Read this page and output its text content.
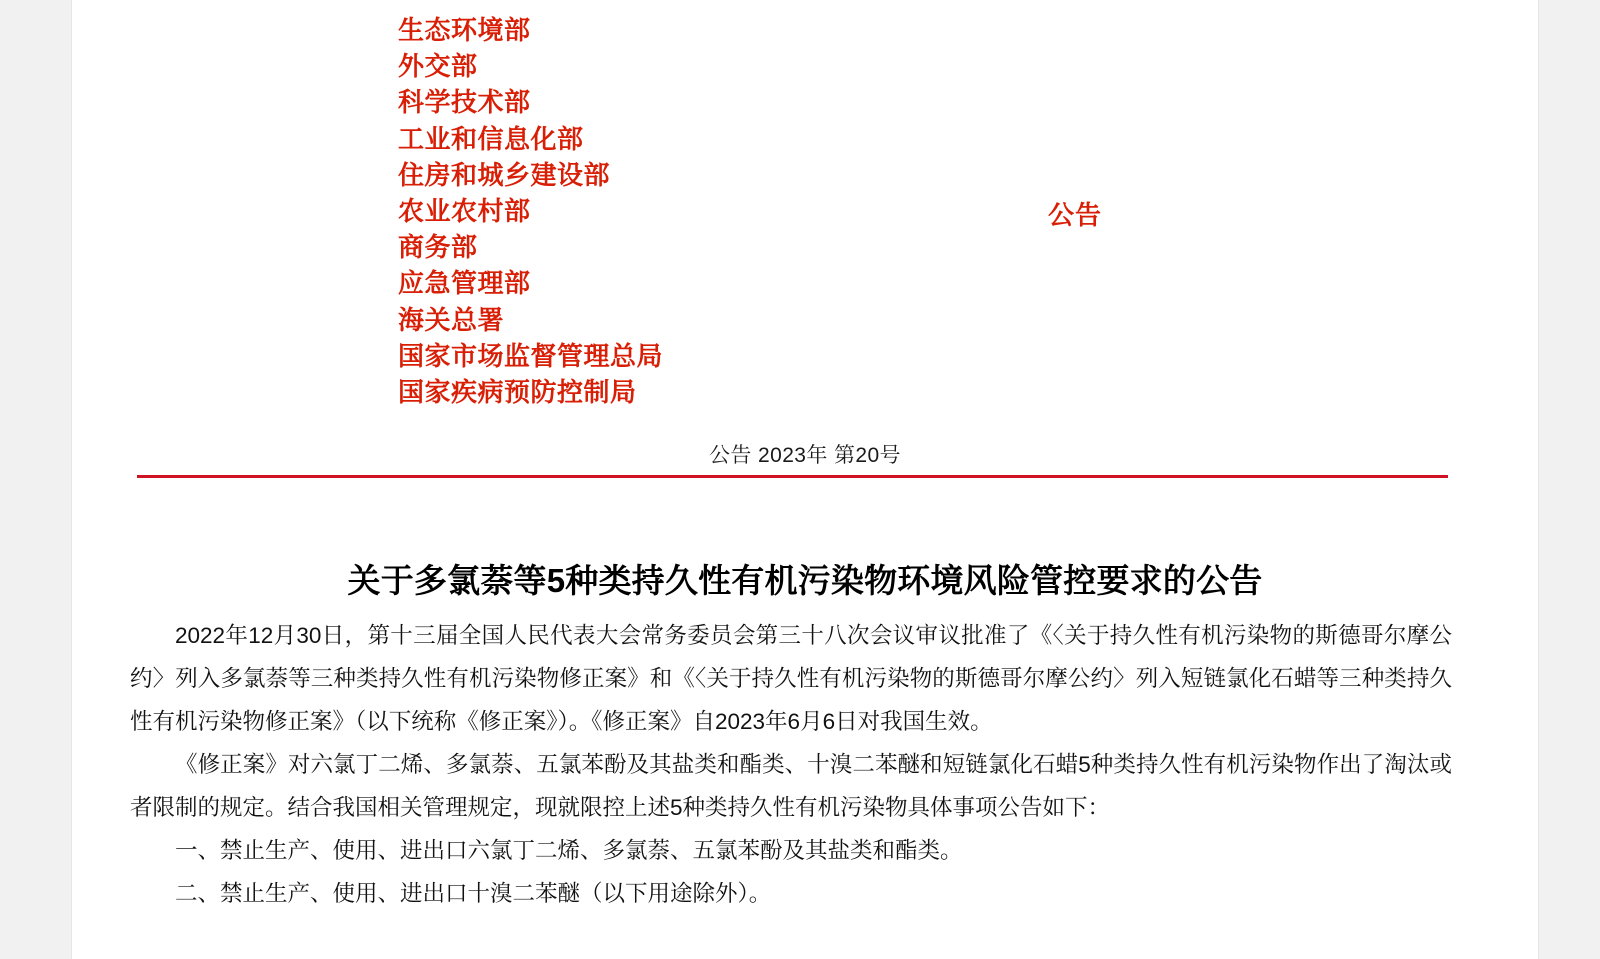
生态环境部
外交部
科学技术部
工业和信息化部
住房和城乡建设部
农业农村部
商务部
应急管理部
海关总署
国家市场监督管理总局
国家疾病预防控制局
公告
公告 2023年 第20号
关于多氯萘等5种类持久性有机污染物环境风险管控要求的公告

2022年12月30日，第十三届全国人民代表大会常务委员会第三十八次会议审议批准了《〈关于持久性有机污染物的斯德哥尔摩公约〉列入多氯萘等三种类持久性有机污染物修正案》和《〈关于持久性有机污染物的斯德哥尔摩公约〉列入短链氯化石蜡等三种类持久性有机污染物修正案》（以下统称《修正案》）。《修正案》自2023年6月6日对我国生效。

《修正案》对六氯丁二烯、多氯萘、五氯苯酚及其盐类和酯类、十溴二苯醚和短链氯化石蜡5种类持久性有机污染物作出了淘汰或者限制的规定。结合我国相关管理规定，现就限控上述5种类持久性有机污染物具体事项公告如下：

一、禁止生产、使用、进出口六氯丁二烯、多氯萘、五氯苯酚及其盐类和酯类。

二、禁止生产、使用、进出口十溴二苯醚（以下用途除外）。
